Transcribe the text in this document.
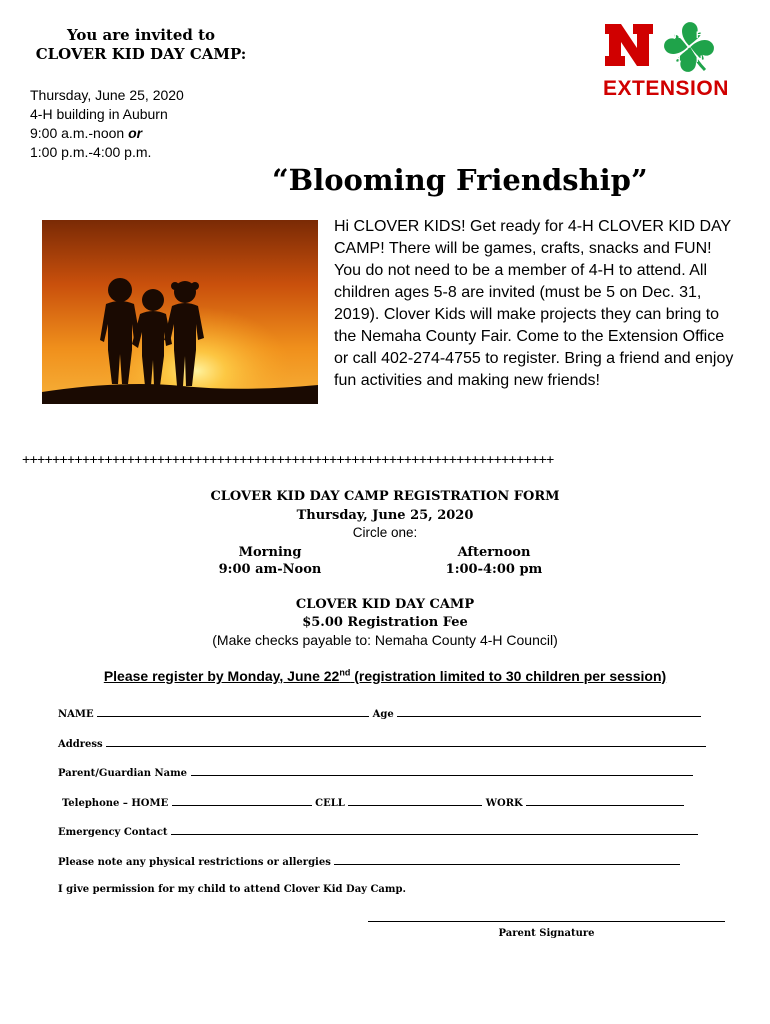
You are invited to
CLOVER KID DAY CAMP:
Thursday, June 25, 2020
4-H building in Auburn
9:00 a.m.-noon or
1:00 p.m.-4:00 p.m.
H H
H H
EXTENSION
“Blooming Friendship”
Hi CLOVER KIDS! Get ready for 4-H CLOVER KID DAY CAMP! There will be games, crafts, snacks and FUN! You do not need to be a member of 4-H to attend. All children ages 5-8 are invited (must be 5 on Dec. 31, 2019). Clover Kids will make projects they can bring to the Nemaha County Fair. Come to the Extension Office or call 402-274-4755 to register. Bring a friend and enjoy fun activities and making new friends!
+++++++++++++++++++++++++++++++++++++++++++++++++++++++++++++++++++++++
CLOVER KID DAY CAMP REGISTRATION FORM
Thursday, June 25, 2020
Circle one:
Morning
9:00 am-Noon
Afternoon
1:00-4:00 pm
CLOVER KID DAY CAMP
$5.00 Registration Fee
(Make checks payable to: Nemaha County 4-H Council)
Please register by Monday, June 22nd (registration limited to 30 children per session)
NAME	Age
Address
Parent/Guardian Name
Telephone – HOME	CELL	WORK
Emergency Contact
Please note any physical restrictions or allergies
I give permission for my child to attend Clover Kid Day Camp.
Parent Signature
